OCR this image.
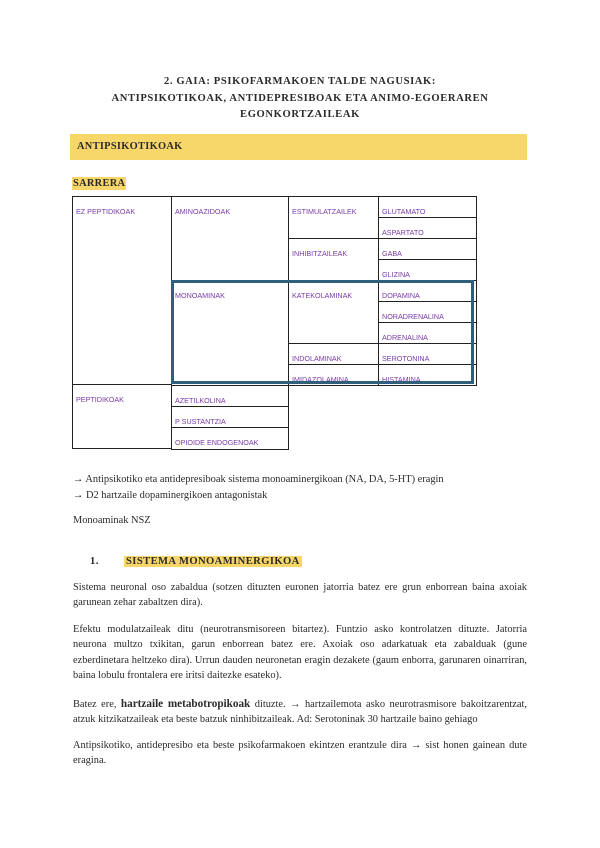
2. GAIA: PSIKOFARMAKOEN TALDE NAGUSIAK:
ANTIPSIKOTIKOAK, ANTIDEPRESIBOAK ETA ANIMO-EGOERAREN
EGONKORTZAILEAK
ANTIPSIKOTIKOAK
SARRERA
EZ PEPTIDIKOAK
PEPTIDIKOAK
AMINOAZIDOAK
MONOAMINAK
AZETILKOLINA
P SUSTANTZIA
OPIOIDE ENDOGENOAK
ESTIMULATZAILEK
INHIBITZAILEAK
KATEKOLAMINAK
INDOLAMINAK
IMIDAZOLAMINA
GLUTAMATO
ASPARTATO
GABA
GLIZINA
DOPAMINA
NORADRENALINA
ADRENALINA
SEROTONINA
HISTAMINA
→ Antipsikotiko eta antidepresiboak sistema monoaminergikoan (NA, DA, 5-HT) eragin
→ D2 hartzaile dopaminergikoen antagonistak
Monoaminak NSZ
1.	SISTEMA MONOAMINERGIKOA
Sistema neuronal oso zabaldua (sotzen dituzten euronen jatorria batez ere grun enborrean baina axoiak garunean zehar zabaltzen dira).
Efektu modulatzaileak ditu (neurotransmisoreen bitartez). Funtzio asko kontrolatzen dituzte. Jatorria neurona multzo txikitan, garun enborrean batez ere. Axoiak oso adarkatuak eta zabalduak (gune ezberdinetara heltzeko dira). Urrun dauden neuronetan eragin dezakete (gaum enborra, garunaren oinarriran, baina lobulu frontalera ere iritsi daitezke esateko).
Batez ere, hartzaile metabotropikoak dituzte. → hartzailemota asko neurotrasmisore bakoitzarentzat, atzuk kitzikatzaileak eta beste batzuk ninhibitzaileak. Ad: Serotoninak 30 hartzaile baino gehiago
Antipsikotiko, antidepresibo eta beste psikofarmakoen ekintzen erantzule dira → sist honen gainean dute eragina.
